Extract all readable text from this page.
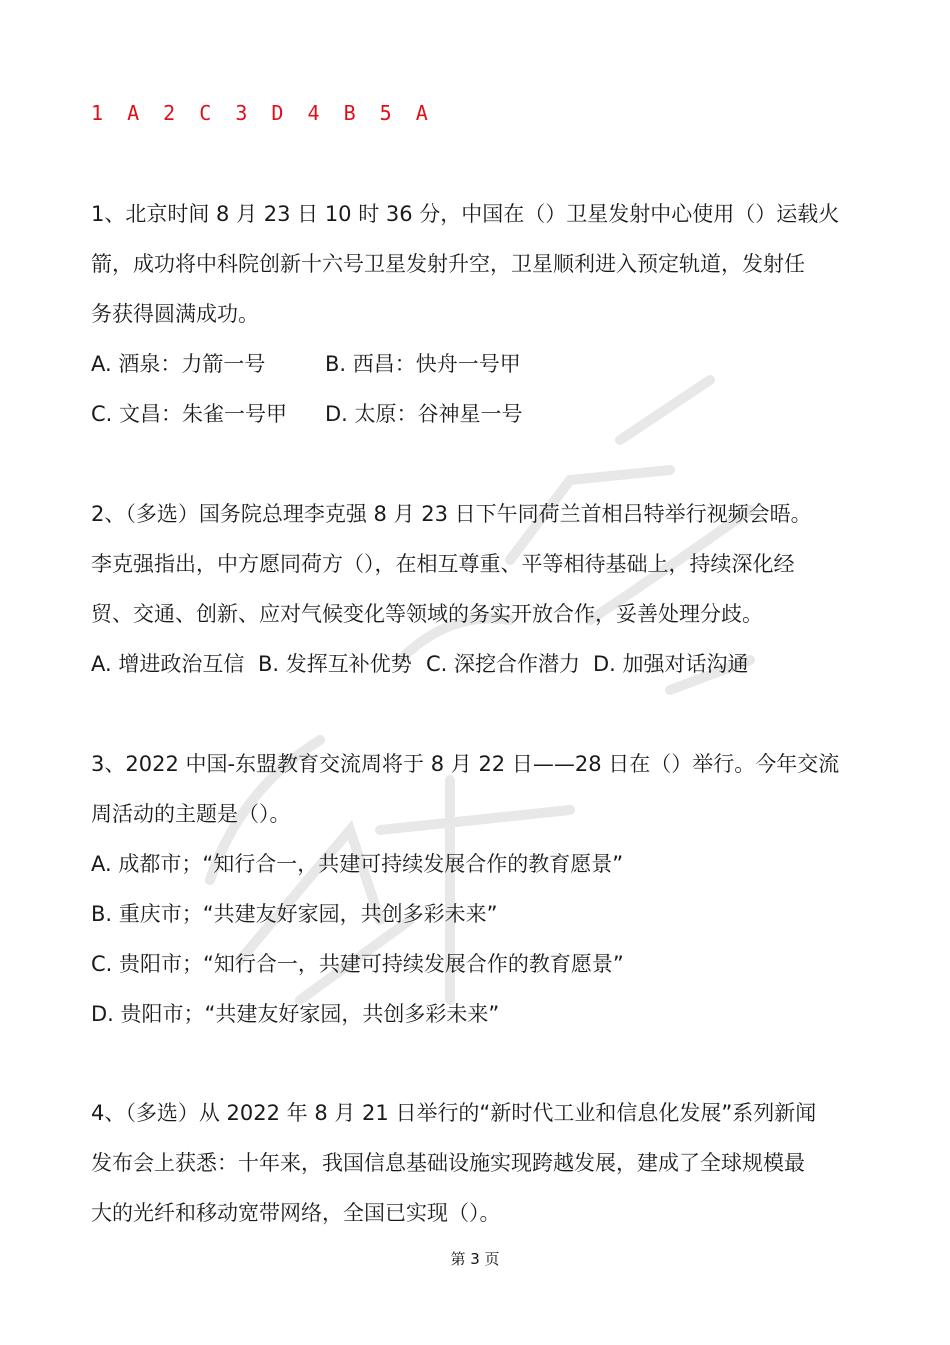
1 A 2 C 3 D 4 B 5 A

1、北京时间 8 月 23 日 10 时 36 分，中国在（）卫星发射中心使用（）运载火

箭，成功将中科院创新十六号卫星发射升空，卫星顺利进入预定轨道，发射任

务获得圆满成功。

A. 酒泉：力箭一号	B. 西昌：快舟一号甲

C. 文昌：朱雀一号甲 D. 太原：谷神星一号

2、（多选）国务院总理李克强 8 月 23 日下午同荷兰首相吕特举行视频会晤。

李克强指出，中方愿同荷方（），在相互尊重、平等相待基础上，持续深化经

贸、交通、创新、应对气候变化等领域的务实开放合作，妥善处理分歧。

A. 增进政治互信 B. 发挥互补优势 C. 深挖合作潜力 D. 加强对话沟通

3、2022 中国-东盟教育交流周将于 8 月 22 日——28 日在（）举行。今年交流

周活动的主题是（）。

A. 成都市；“知行合一，共建可持续发展合作的教育愿景”

B. 重庆市；“共建友好家园，共创多彩未来”

C. 贵阳市；“知行合一，共建可持续发展合作的教育愿景”

D. 贵阳市；“共建友好家园，共创多彩未来”

4、（多选）从 2022 年 8 月 21 日举行的“新时代工业和信息化发展”系列新闻

发布会上获悉：十年来，我国信息基础设施实现跨越发展，建成了全球规模最

大的光纤和移动宽带网络，全国已实现（）。

第 3 页
